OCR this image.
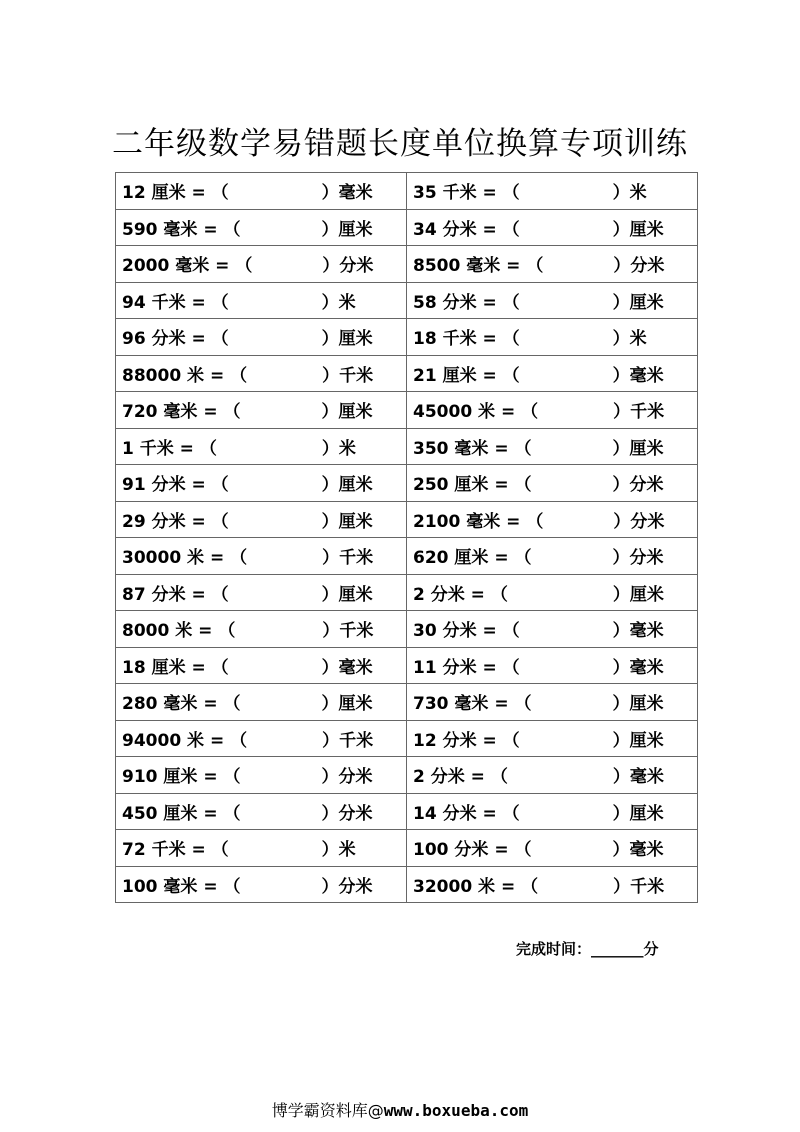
二年级数学易错题长度单位换算专项训练
12 厘米 = （ ）毫米	35 千米 = （ ）米

590 毫米 = （ ）厘米	34 分米 = （ ）厘米

2000 毫米 = （ ）分米	8500 毫米 = （ ）分米

94 千米 = （ ）米	58 分米 = （ ）厘米

96 分米 = （ ）厘米	18 千米 = （ ）米

88000 米 = （ ）千米	21 厘米 = （ ）毫米

720 毫米 = （ ）厘米	45000 米 = （ ）千米

1 千米 = （ ）米	350 毫米 = （ ）厘米

91 分米 = （ ）厘米	250 厘米 = （ ）分米

29 分米 = （ ）厘米	2100 毫米 = （ ）分米

30000 米 = （ ）千米	620 厘米 = （ ）分米

87 分米 = （ ）厘米	2 分米 = （ ）厘米

8000 米 = （ ）千米	30 分米 = （ ）毫米

18 厘米 = （ ）毫米	11 分米 = （ ）毫米

280 毫米 = （ ）厘米	730 毫米 = （ ）厘米

94000 米 = （ ）千米	12 分米 = （ ）厘米

910 厘米 = （ ）分米	2 分米 = （ ）毫米

450 厘米 = （ ）分米	14 分米 = （ ）厘米

72 千米 = （ ）米	100 分米 = （ ）毫米

100 毫米 = （ ）分米	32000 米 = （ ）千米
完成时间：_______分
博学霸资料库@www.boxueba.com
